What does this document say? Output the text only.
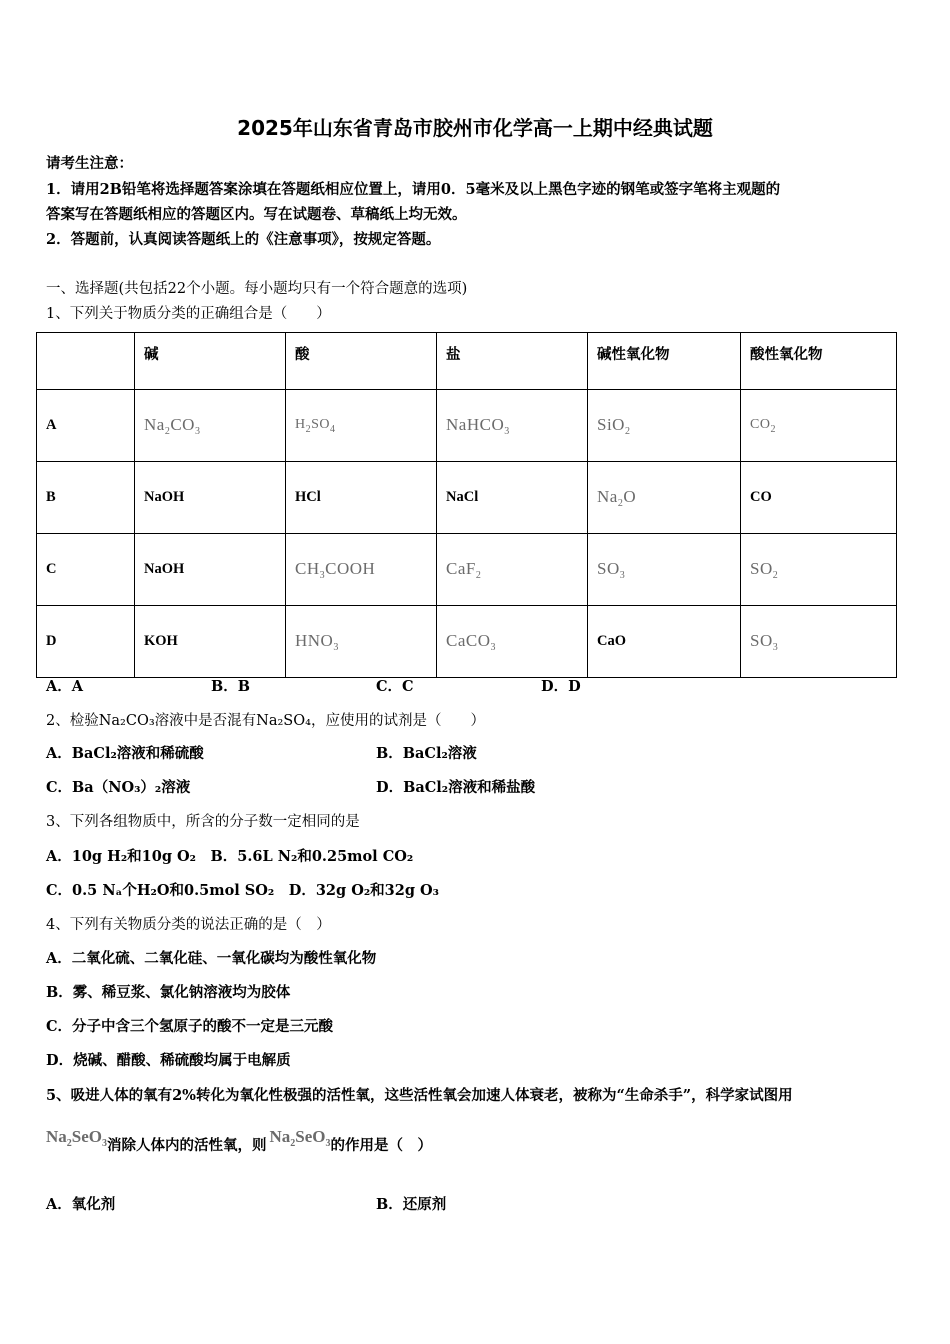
2025年山东省青岛市胶州市化学高一上期中经典试题
请考生注意：
1．请用2B铅笔将选择题答案涂填在答题纸相应位置上，请用0．5毫米及以上黑色字迹的钢笔或签字笔将主观题的
答案写在答题纸相应的答题区内。写在试题卷、草稿纸上均无效。
2．答题前，认真阅读答题纸上的《注意事项》，按规定答题。
一、选择题(共包括22个小题。每小题均只有一个符合题意的选项)
1、下列关于物质分类的正确组合是（　　）
	碱	酸	盐	碱性氧化物	酸性氧化物
A	$Na_2CO_3$	$H_2SO_4$	NaHCO$_3$	SiO$_2$	$CO_2$
B	NaOH	HCl	NaCl	$Na_2O$	CO
C	NaOH	$CH_3COOH$	CaF$_2$	$SO_3$	$SO_2$
D	KOH	$HNO_3$	CaCO$_3$	CaO	$SO_3$
A．A	B．B	C．C	D．D
2、检验Na₂CO₃溶液中是否混有Na₂SO₄，应使用的试剂是（　　）
A．BaCl₂溶液和稀硫酸	B．BaCl₂溶液
C．Ba（NO₃）₂溶液	D．BaCl₂溶液和稀盐酸
3、下列各组物质中，所含的分子数一定相同的是
A．10g H₂和10g O₂　B．5.6L N₂和0.25mol CO₂
C．0.5 Nₐ个H₂O和0.5mol SO₂　D．32g O₂和32g O₃
4、下列有关物质分类的说法正确的是（　）
A．二氧化硫、二氧化硅、一氧化碳均为酸性氧化物
B．雾、稀豆浆、氯化钠溶液均为胶体
C．分子中含三个氢原子的酸不一定是三元酸
D．烧碱、醋酸、稀硫酸均属于电解质
5、吸进人体的氧有2%转化为氧化性极强的活性氧，这些活性氧会加速人体衰老，被称为“生命杀手”，科学家试图用
$Na_2SeO_3$消除人体内的活性氧，则 $Na_2SeO_3$的作用是（　）
A．氧化剂	B．还原剂
